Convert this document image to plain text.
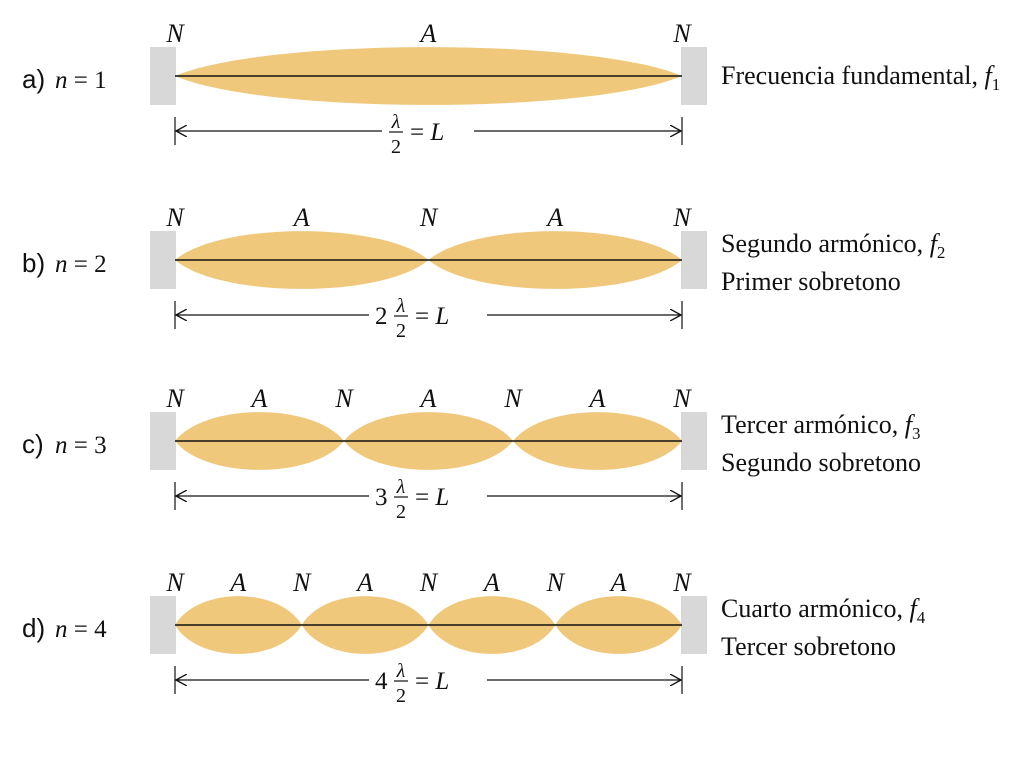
a) n = 1
N	A	N
λ
2
= L
Frecuencia fundamental, $f_1$
b) n = 2
N	A	N	A	N
2 λ
2
= L
Segundo armónico, $f_2$
Primer sobretono
c) n = 3
N	A	N	A	N	A	N
3 λ
2
= L
Tercer armónico, $f_3$
Segundo sobretono
d) n = 4
N A N A N A N A N
4 λ
2
= L
Cuarto armónico, $f_4$
Tercer sobretono
